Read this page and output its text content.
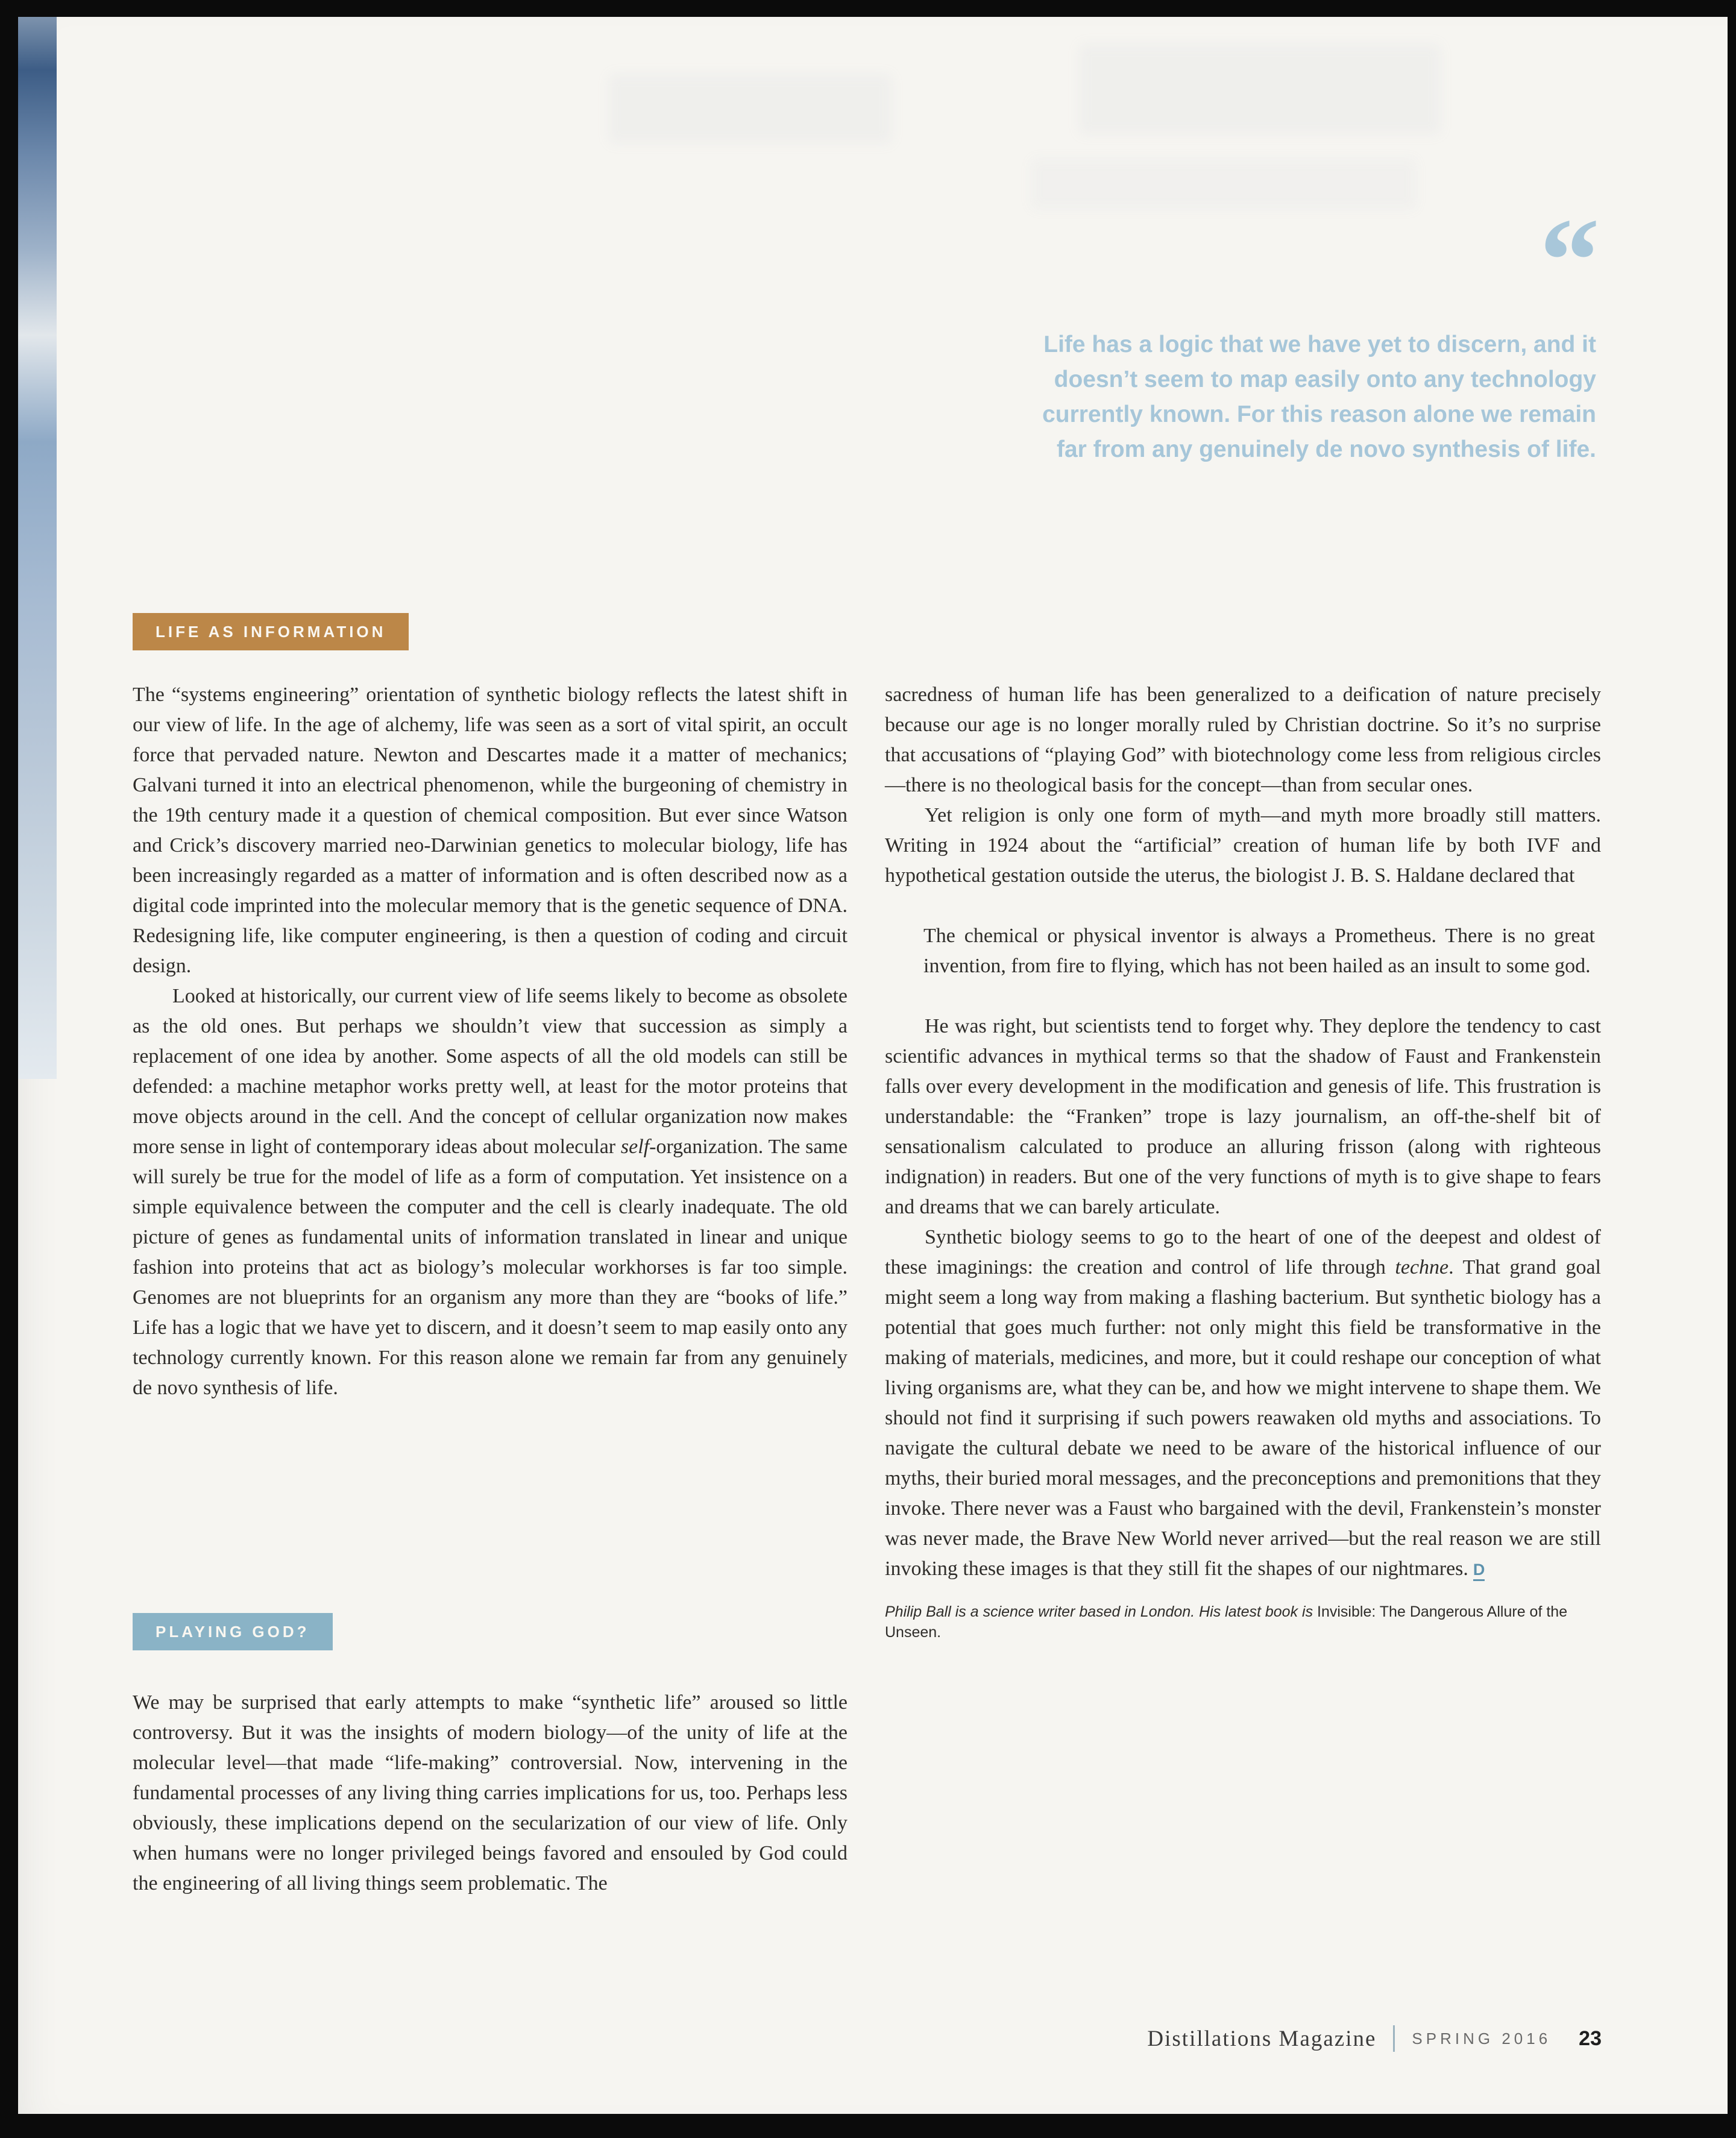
“
Life has a logic that we have yet to discern, and it
doesn’t seem to map easily onto any technology
currently known. For this reason alone we remain
far from any genuinely de novo synthesis of life.
LIFE AS INFORMATION

The “systems engineering” orientation of synthetic biology reflects the latest shift in our view of life. In the age of alchemy, life was seen as a sort of vital spirit, an occult force that pervaded nature. Newton and Descartes made it a matter of mechanics; Galvani turned it into an electrical phenomenon, while the burgeoning of chemistry in the 19th century made it a question of chemical composition. But ever since Watson and Crick’s discovery married neo-Darwinian genetics to molecular biology, life has been increasingly regarded as a matter of information and is often described now as a digital code imprinted into the molecular memory that is the genetic sequence of DNA. Redesigning life, like computer engineering, is then a question of coding and circuit design.

Looked at historically, our current view of life seems likely to become as obsolete as the old ones. But perhaps we shouldn’t view that succession as simply a replacement of one idea by another. Some aspects of all the old models can still be defended: a machine metaphor works pretty well, at least for the motor proteins that move objects around in the cell. And the concept of cellular organization now makes more sense in light of contemporary ideas about molecular self-organization. The same will surely be true for the model of life as a form of computation. Yet insistence on a simple equivalence between the computer and the cell is clearly inadequate. The old picture of genes as fundamental units of information translated in linear and unique fashion into proteins that act as biology’s molecular workhorses is far too simple. Genomes are not blueprints for an organism any more than they are “books of life.” Life has a logic that we have yet to discern, and it doesn’t seem to map easily onto any technology currently known. For this reason alone we remain far from any genuinely de novo synthesis of life.

PLAYING GOD?

We may be surprised that early attempts to make “synthetic life” aroused so little controversy. But it was the insights of modern biology—of the unity of life at the molecular level—that made “life-making” controversial. Now, intervening in the fundamental processes of any living thing carries implications for us, too. Perhaps less obviously, these implications depend on the secularization of our view of life. Only when humans were no longer privileged beings favored and ensouled by God could the engineering of all living things seem problematic. The

sacredness of human life has been generalized to a deification of nature precisely because our age is no longer morally ruled by Christian doctrine. So it’s no surprise that accusations of “playing God” with biotechnology come less from religious circles—there is no theological basis for the concept—than from secular ones.

Yet religion is only one form of myth—and myth more broadly still matters. Writing in 1924 about the “artificial” creation of human life by both IVF and hypothetical gestation outside the uterus, the biologist J. B. S. Haldane declared that

The chemical or physical inventor is always a Prometheus. There is no great invention, from fire to flying, which has not been hailed as an insult to some god.

He was right, but scientists tend to forget why. They deplore the tendency to cast scientific advances in mythical terms so that the shadow of Faust and Frankenstein falls over every development in the modification and genesis of life. This frustration is understandable: the “Franken” trope is lazy journalism, an off-the-shelf bit of sensationalism calculated to produce an alluring frisson (along with righteous indignation) in readers. But one of the very functions of myth is to give shape to fears and dreams that we can barely articulate.

Synthetic biology seems to go to the heart of one of the deepest and oldest of these imaginings: the creation and control of life through techne. That grand goal might seem a long way from making a flashing bacterium. But synthetic biology has a potential that goes much further: not only might this field be transformative in the making of materials, medicines, and more, but it could reshape our conception of what living organisms are, what they can be, and how we might intervene to shape them. We should not find it surprising if such powers reawaken old myths and associations. To navigate the cultural debate we need to be aware of the historical influence of our myths, their buried moral messages, and the preconceptions and premonitions that they invoke. There never was a Faust who bargained with the devil, Frankenstein’s monster was never made, the Brave New World never arrived—but the real reason we are still invoking these images is that they still fit the shapes of our nightmares. D

Philip Ball is a science writer based in London. His latest book is Invisible: The Dangerous Allure of the Unseen.

Distillations Magazine SPRING 2016 23
